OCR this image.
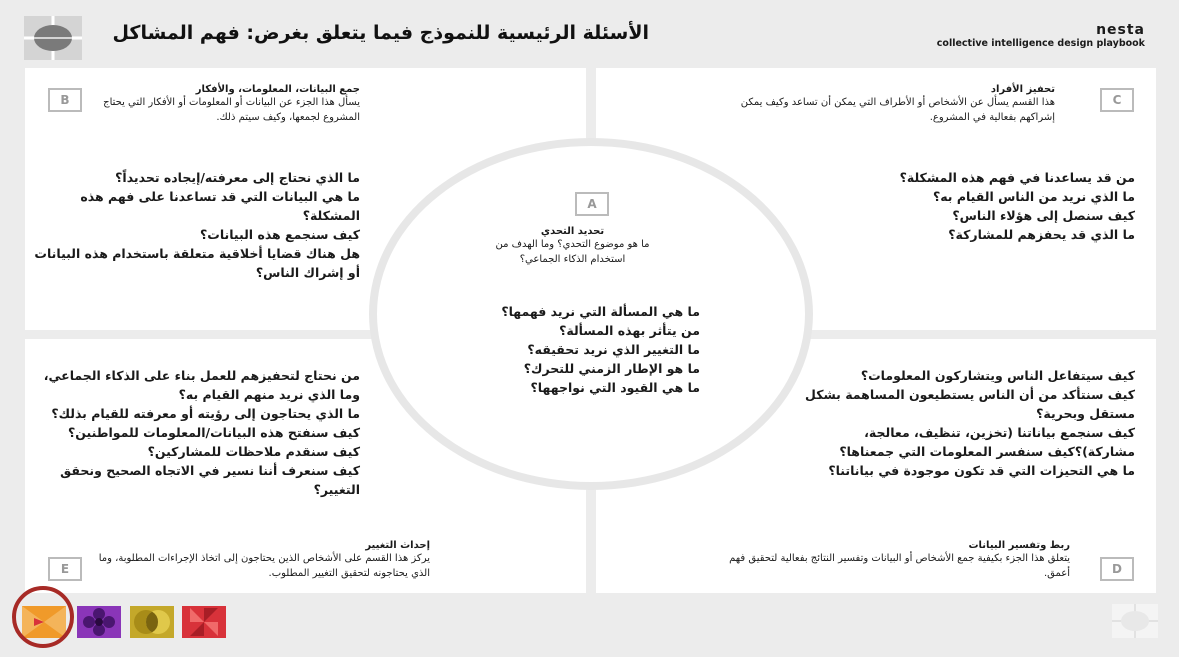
الأسئلة الرئيسية للنموذج فيما يتعلق بغرض: فهم المشاكل	nesta
collective intelligence design playbook
B
جمع البيانات، المعلومات، والأفكار
يسأل هذا الجزء عن البيانات أو المعلومات أو الأفكار التي يحتاج المشروع لجمعها، وكيف سيتم ذلك.
ما الذي نحتاج إلى معرفته/إيجاده تحديداً؟
ما هي البيانات التي قد تساعدنا على فهم هذه المشكلة؟
كيف سنجمع هذه البيانات؟
هل هناك قضايا أخلاقية متعلقة باستخدام هذه البيانات أو إشراك الناس؟
C
تحفيز الأفراد
هذا القسم يسأل عن الأشخاص أو الأطراف التي يمكن أن تساعد وكيف يمكن إشراكهم بفعالية في المشروع.
من قد يساعدنا في فهم هذه المشكلة؟
ما الذي نريد من الناس القيام به؟
كيف سنصل إلى هؤلاء الناس؟
ما الذي قد يحفزهم للمشاركة؟
A
تحديد التحدي
ما هو موضوع التحدي؟ وما الهدف من استخدام الذكاء الجماعي؟
ما هي المسألة التي نريد فهمها؟
من يتأثر بهذه المسألة؟
ما التغيير الذي نريد تحقيقه؟
ما هو الإطار الزمني للتحرك؟
ما هي القيود التي نواجهها؟
من نحتاج لتحفيزهم للعمل بناء على الذكاء الجماعي، وما الذي نريد منهم القيام به؟
ما الذي يحتاجون إلى رؤيته أو معرفته للقيام بذلك؟
كيف سنفتح هذه البيانات/المعلومات للمواطنين؟
كيف سنقدم ملاحظات للمشاركين؟
كيف سنعرف أننا نسير في الاتجاه الصحيح ونحقق التغيير؟
E
إحداث التغيير
يركز هذا القسم على الأشخاص الذين يحتاجون إلى اتخاذ الإجراءات المطلوبة، وما الذي يحتاجونه لتحقيق التغيير المطلوب.
كيف سيتفاعل الناس ويتشاركون المعلومات؟
كيف سنتأكد من أن الناس يستطيعون المساهمة بشكل مستقل وبحرية؟
كيف سنجمع بياناتنا (تخزين، تنظيف، معالجة، مشاركة)؟كيف سنفسر المعلومات التي جمعناها؟
ما هي التحيزات التي قد تكون موجودة في بياناتنا؟
D
ربط وتفسير البيانات
يتعلق هذا الجزء بكيفية جمع الأشخاص أو البيانات وتفسير النتائج بفعالية لتحقيق فهم أعمق.
